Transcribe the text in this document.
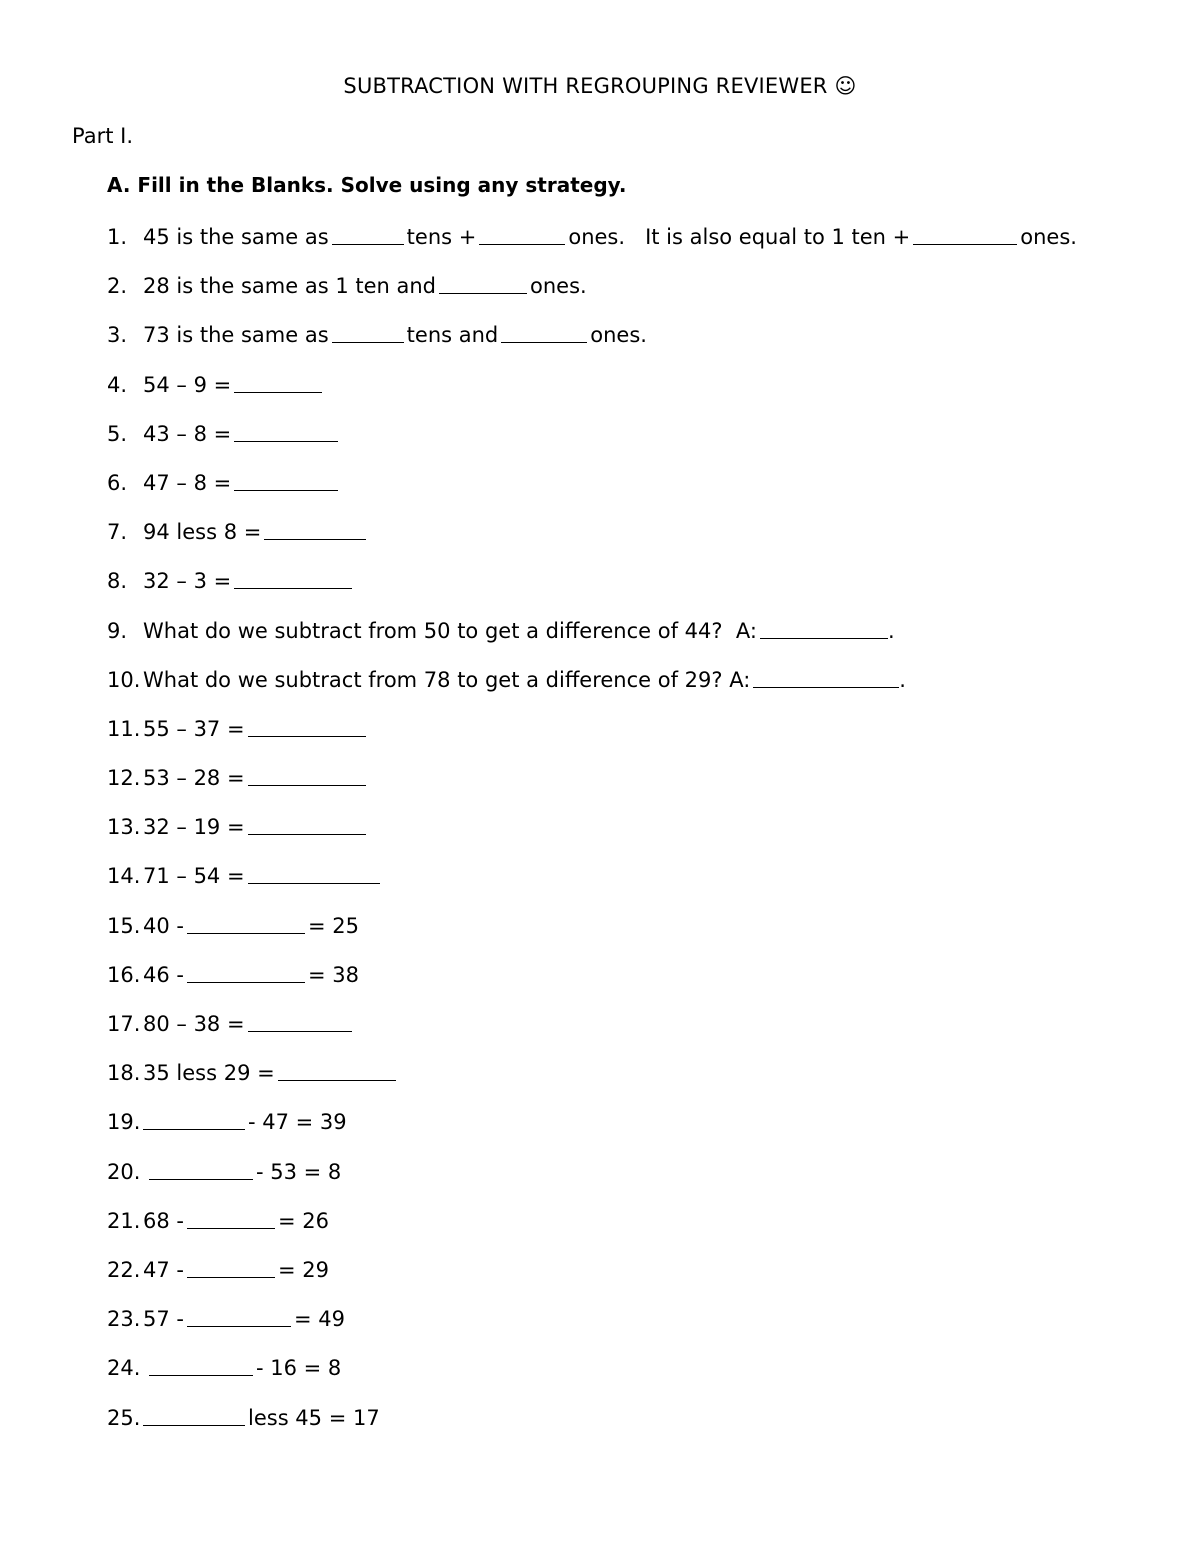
SUBTRACTION WITH REGROUPING REVIEWER ☺
Part I.
A. Fill in the Blanks. Solve using any strategy.
1. 45 is the same as	tens +	ones.   It is also equal to 1 ten +	ones.
2. 28 is the same as 1 ten and	ones.
3. 73 is the same as	tens and	ones.
4. 54 – 9 =
5. 43 – 8 =
6. 47 – 8 =
7. 94 less 8 =
8. 32 – 3 =
9. What do we subtract from 50 to get a difference of 44?  A:	.
10. What do we subtract from 78 to get a difference of 29? A:	.
11. 55 – 37 =
12. 53 – 28 =
13. 32 – 19 =
14. 71 – 54 =
15. 40 -	= 25
16. 46 -	= 38
17. 80 – 38 =
18. 35 less 29 =
19.	- 47 = 39
20.	- 53 = 8
21. 68 -	= 26
22. 47 -	= 29
23. 57 -	= 49
24.	- 16 = 8
25.	less 45 = 17
